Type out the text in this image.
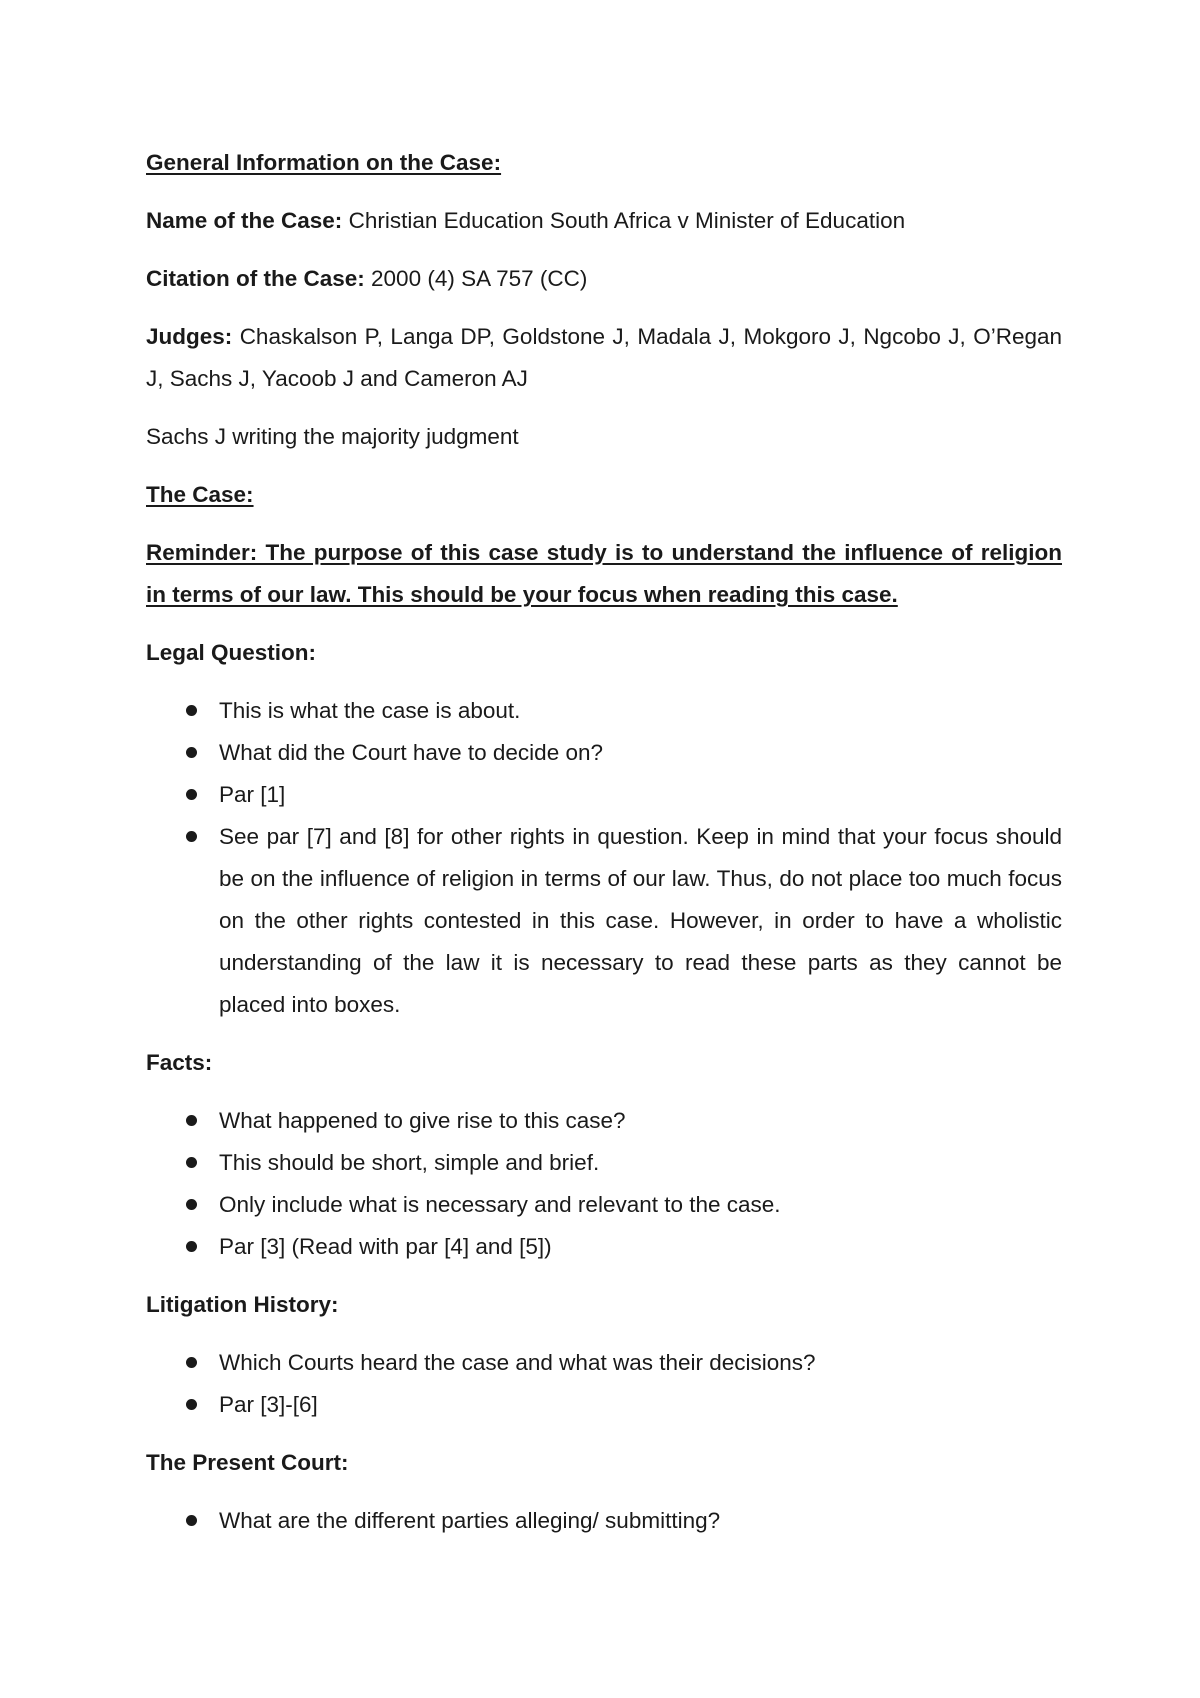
General Information on the Case:

Name of the Case: Christian Education South Africa v Minister of Education

Citation of the Case: 2000 (4) SA 757 (CC)

Judges: Chaskalson P, Langa DP, Goldstone J, Madala J, Mokgoro J, Ngcobo J, O’Regan J, Sachs J, Yacoob J and Cameron AJ

Sachs J writing the majority judgment

The Case:

Reminder: The purpose of this case study is to understand the influence of religion in terms of our law. This should be your focus when reading this case.

Legal Question:

This is what the case is about.
What did the Court have to decide on?
Par [1]
See par [7] and [8] for other rights in question. Keep in mind that your focus should be on the influence of religion in terms of our law. Thus, do not place too much focus on the other rights contested in this case. However, in order to have a wholistic understanding of the law it is necessary to read these parts as they cannot be placed into boxes.

Facts:

What happened to give rise to this case?
This should be short, simple and brief.
Only include what is necessary and relevant to the case.
Par [3] (Read with par [4] and [5])

Litigation History:

Which Courts heard the case and what was their decisions?
Par [3]-[6]

The Present Court:

What are the different parties alleging/ submitting?
